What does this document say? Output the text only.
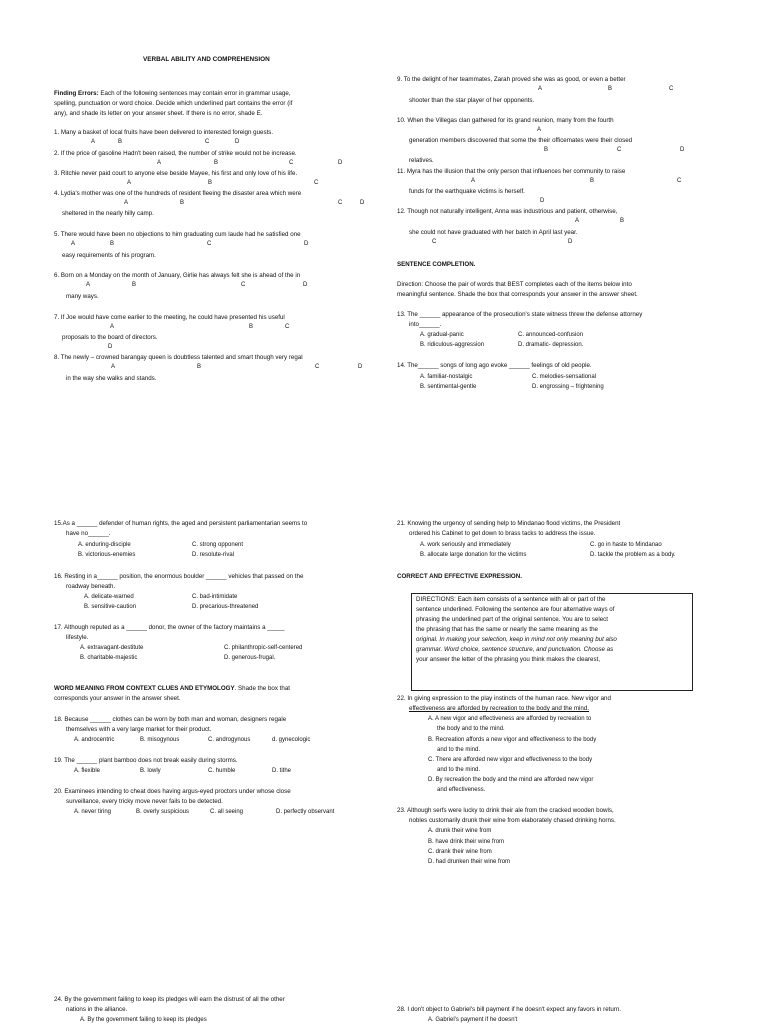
VERBAL ABILITY AND COMPREHENSION
Finding Errors: Each of the following sentences may contain error in grammar usage,
spelling, punctuation or word choice. Decide which underlined part contains the error (if
any), and shade its letter on your answer sheet. If there is no error, shade E.
1. Many a basket of local fruits have been delivered to interested foreign guests.
A	B	C	D
2. If the price of gasoline Hadn't been raised, the number of strike would not be increase.
A	B	C	D
3. Ritchie never paid court to anyone else beside Mayee, his first and only love of his life.
A	B	C
4. Lydia's mother was one of the hundreds of resident fleeing the disaster area which were
A	B	C	D
sheltered in the nearly hilly camp.
5. There would have been no objections to him graduating cum laude had he satisfied one
A	B	C	D
easy requirements of his program.
6. Born on a Monday on the month of January, Girlie has always felt she is ahead of the in
A	B	C	D
many ways.
7. If Joe would have come earlier to the meeting, he could have presented his useful
A	B	C
proposals to the board of directors.
D
8. The newly – crowned barangay queen is doubtless talented and smart though very regal
A	B	C	D
in the way she walks and stands.
9. To the delight of her teammates, Zarah proved she was as good, or even a better
A	B	C
shooter than the star player of her opponents.
10. When the Villegas clan gathered for its grand reunion, many from the fourth
A
generation members discovered that some the their officemates were their closed
B	C	D
relatives.
11. Myra has the illusion that the only person that influences her community to raise
A	B	C
funds for the earthquake victims is herself.
D
12. Though not naturally intelligent, Anna was industrious and patient, otherwise,
A	B
she could not have graduated with her batch in April last year.
C	D
SENTENCE COMPLETION.
Direction: Choose the pair of words that BEST completes each of the items below into
meaningful sentence. Shade the box that corresponds your answer in the answer sheet.
13. The ______ appearance of the prosecution's state witness threw the defense attorney
into______.
A. gradual-panic	C. announced-confusion
B. ridiculous-aggression	D. dramatic- depression.
14. The______ songs of long ago evoke ______ feelings of old people.
A. familiar-nostalgic	C. melodies-sensational
B. sentimental-gentle	D. engrossing – frightening
15.As a ______ defender of human rights, the aged and persistent parliamentarian seems to
have no______.
A. enduring-disciple	C. strong opponent
B. victorious-enemies	D. resolute-rival
16. Resting in a______ position, the enormous boulder ______ vehicles that passed on the
roadway beneath.
A. delicate-warned	C. bad-intimidate
B. sensitive-caution	D. precarious-threatened
17. Although reputed as a ______ donor, the owner of the factory maintains a _____
lifestyle.
A. extravagant-destitute	C. philanthropic-self-centered
B. charitable-majestic	D. generous-frugal.
WORD MEANING FROM CONTEXT CLUES AND ETYMOLOGY. Shade the box that
corresponds your answer in the answer sheet.
18. Because ______ clothes can be worn by both man and woman, designers regale
themselves with a very large market for their product.
A. androcentric	B. misogynous	C. androgynous	d. gynecologic
19. The ______ plant bamboo does not break easily during storms.
A. flexible	B. lowly	C. humble	D. tithe
20. Examinees intending to cheat does having argus-eyed proctors under whose close
surveillance, every tricky move never fails to be detected.
A. never tiring	B. overly suspicious	C. all seeing	D. perfectly observant
21. Knowing the urgency of sending help to Mindanao flood victims, the President
ordered his Cabinet to get down to brass tacks to address the issue.
A. work seriously and immediately	C. go in haste to Mindanao
B. allocate large donation for the victims	D. tackle the problem as a body.
CORRECT AND EFFECTIVE EXPRESSION.
DIRECTIONS: Each item consists of a sentence with all or part of the
sentence underlined. Following the sentence are four alternative ways of
phrasing the underlined part of the original sentence. You are to select
the phrasing that has the same or nearly the same meaning as the
original. In making your selection, keep in mind not only meaning but also
grammar. Word choice, sentence structure, and punctuation. Choose as
your answer the letter of the phrasing you think makes the clearest,
22. In giving expression to the play instincts of the human race. New vigor and
effectiveness are afforded by recreation to the body and the mind.
A. A new vigor and effectiveness are afforded by recreation to
the body and to the mind.
B. Recreation affords a new vigor and effectiveness to the body
and to the mind.
C. There are afforded new vigor and effectiveness to the body
and to the mind.
D. By recreation the body and the mind are afforded new vigor
and effectiveness.
23. Although serfs were lucky to drink their ale from the cracked wooden bowls,
nobles customarily drunk their wine from elaborately chased drinking horns.
A. drunk their wine from
B. have drink their wine from
C. drank their wine from
D. had drunken their wine from
24. By the government failing to keep its pledges will earn the distrust of all the other
nations in the alliance.
A. By the government failing to keep its pledges
28. I don't object to Gabriel's bill payment if he doesn't expect any favors in return.
A. Gabriel's payment if he doesn't
